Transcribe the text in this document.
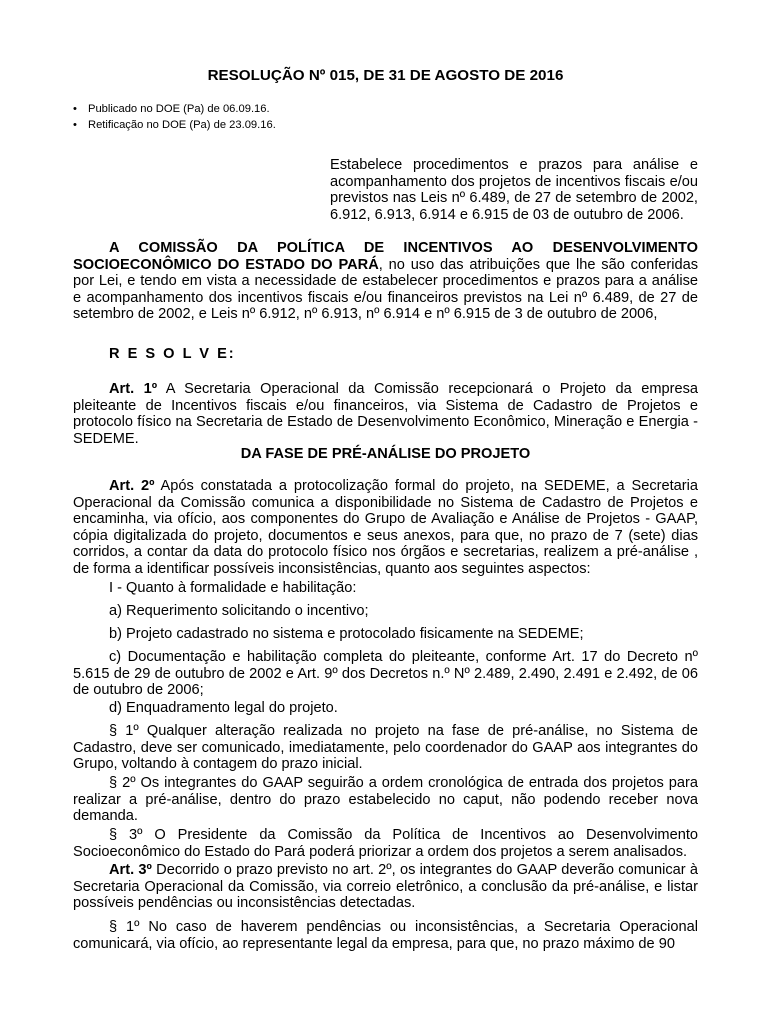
RESOLUÇÃO Nº 015, DE 31 DE AGOSTO DE 2016
• Publicado no DOE (Pa) de 06.09.16.
• Retificação no DOE (Pa) de 23.09.16.
Estabelece procedimentos e prazos para análise e acompanhamento dos projetos de incentivos fiscais e/ou previstos nas Leis nº 6.489, de 27 de setembro de 2002, 6.912, 6.913, 6.914 e 6.915 de 03 de outubro de 2006.
A COMISSÃO DA POLÍTICA DE INCENTIVOS AO DESENVOLVIMENTO SOCIOECONÔMICO DO ESTADO DO PARÁ, no uso das atribuições que lhe são conferidas por Lei, e tendo em vista a necessidade de estabelecer procedimentos e prazos para a análise e acompanhamento dos incentivos fiscais e/ou financeiros previstos na Lei nº 6.489, de 27 de setembro de 2002, e Leis nº 6.912, nº 6.913, nº 6.914 e nº 6.915 de 3 de outubro de 2006,
R E S O L V E:
Art. 1º A Secretaria Operacional da Comissão recepcionará o Projeto da empresa pleiteante de Incentivos fiscais e/ou financeiros, via Sistema de Cadastro de Projetos e protocolo físico na Secretaria de Estado de Desenvolvimento Econômico, Mineração e Energia - SEDEME.
DA FASE DE PRÉ-ANÁLISE DO PROJETO
Art. 2º Após constatada a protocolização formal do projeto, na SEDEME, a Secretaria Operacional da Comissão comunica a disponibilidade no Sistema de Cadastro de Projetos e encaminha, via ofício, aos componentes do Grupo de Avaliação e Análise de Projetos - GAAP, cópia digitalizada do projeto, documentos e seus anexos, para que, no prazo de 7 (sete) dias corridos, a contar da data do protocolo físico nos órgãos e secretarias, realizem a pré-análise , de forma a identificar possíveis inconsistências, quanto aos seguintes aspectos:
I - Quanto à formalidade e habilitação:
a) Requerimento solicitando o incentivo;
b) Projeto cadastrado no sistema e protocolado fisicamente na SEDEME;
c) Documentação e habilitação completa do pleiteante, conforme Art. 17 do Decreto nº 5.615 de 29 de outubro de 2002 e Art. 9º dos Decretos n.º Nº 2.489, 2.490, 2.491 e 2.492, de 06 de outubro de 2006;
d) Enquadramento legal do projeto.
§ 1º Qualquer alteração realizada no projeto na fase de pré-análise, no Sistema de Cadastro, deve ser comunicado, imediatamente, pelo coordenador do GAAP aos integrantes do Grupo, voltando à contagem do prazo inicial.
§ 2º Os integrantes do GAAP seguirão a ordem cronológica de entrada dos projetos para realizar a pré-análise, dentro do prazo estabelecido no caput, não podendo receber nova demanda.
§ 3º O Presidente da Comissão da Política de Incentivos ao Desenvolvimento Socioeconômico do Estado do Pará poderá priorizar a ordem dos projetos a serem analisados.
Art. 3º Decorrido o prazo previsto no art. 2º, os integrantes do GAAP deverão comunicar à Secretaria Operacional da Comissão, via correio eletrônico, a conclusão da pré-análise, e listar possíveis pendências ou inconsistências detectadas.
§ 1º No caso de haverem pendências ou inconsistências, a Secretaria Operacional comunicará, via ofício, ao representante legal da empresa, para que, no prazo máximo de 90
